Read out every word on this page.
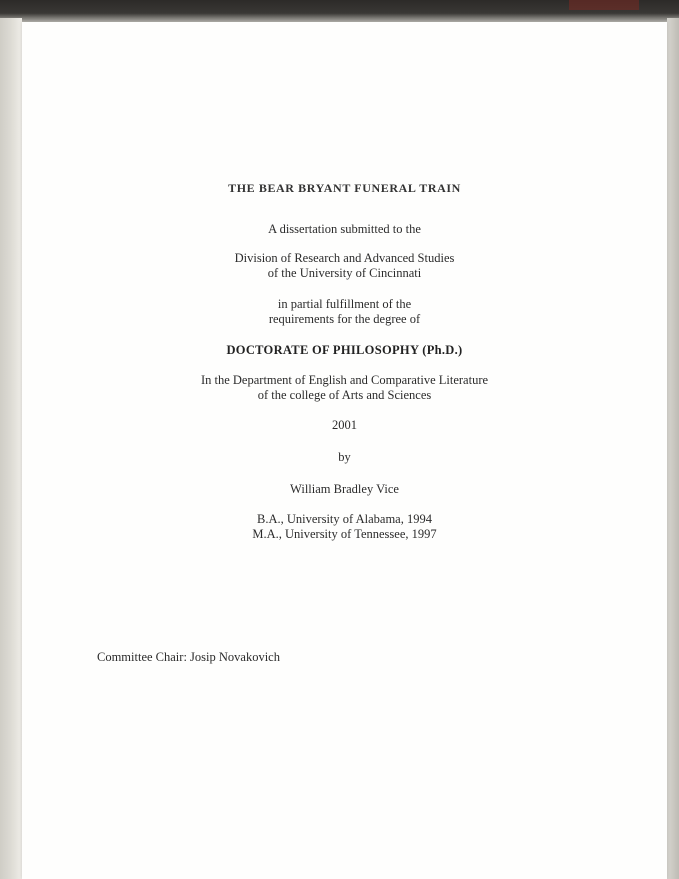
THE BEAR BRYANT FUNERAL TRAIN
A dissertation submitted to the
Division of Research and Advanced Studies
of the University of Cincinnati
in partial fulfillment of the
requirements for the degree of
DOCTORATE OF PHILOSOPHY (Ph.D.)
In the Department of English and Comparative Literature
of the college of Arts and Sciences
2001
by
William Bradley Vice
B.A., University of Alabama, 1994
M.A., University of Tennessee, 1997
Committee Chair: Josip Novakovich
